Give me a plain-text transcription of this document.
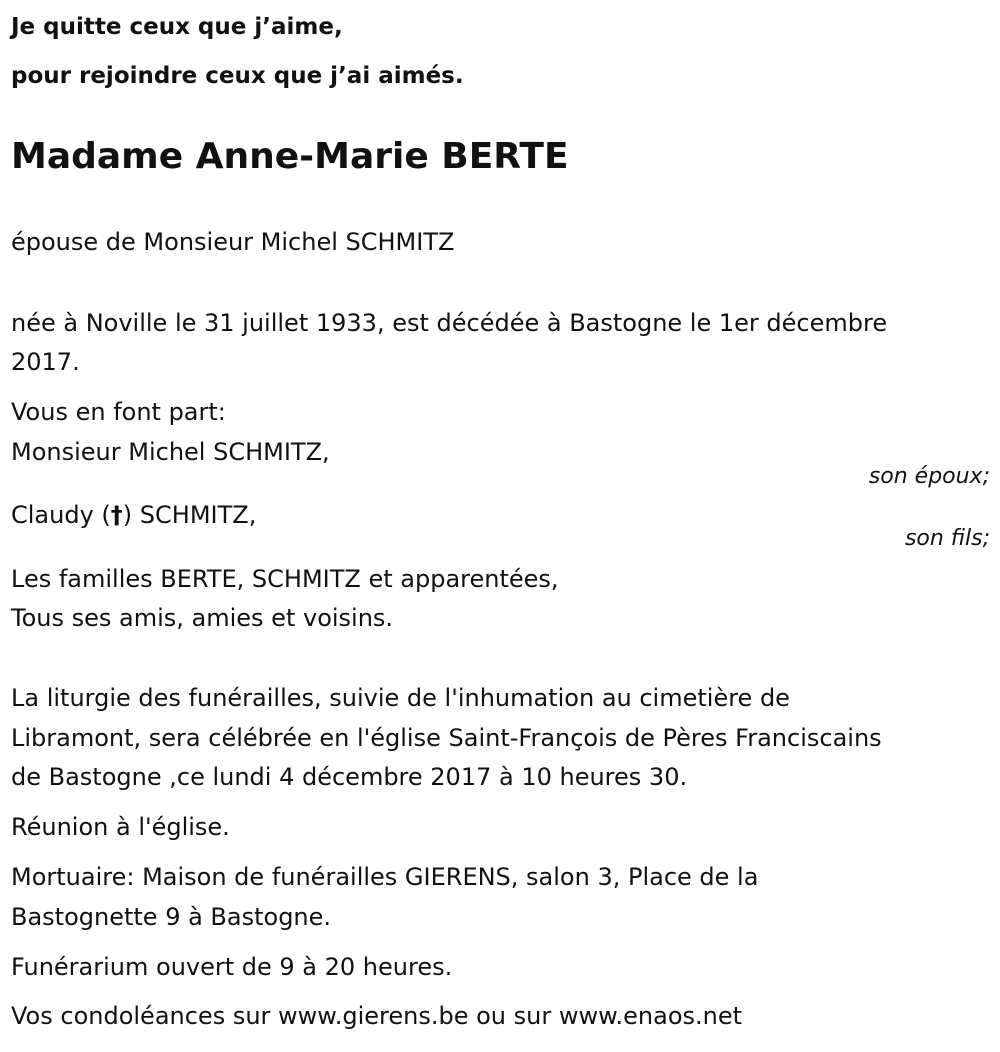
Je quitte ceux que j’aime,
pour rejoindre ceux que j’ai aimés.
Madame Anne-Marie BERTE
épouse de Monsieur Michel SCHMITZ
née à Noville le 31 juillet 1933, est décédée à Bastogne le 1er décembre
2017.
Vous en font part:
Monsieur Michel SCHMITZ,
son époux;
Claudy (†) SCHMITZ,
son fils;
Les familles BERTE, SCHMITZ et apparentées,
Tous ses amis, amies et voisins.
La liturgie des funérailles, suivie de l'inhumation au cimetière de
Libramont, sera célébrée en l'église Saint-François de Pères Franciscains
de Bastogne ,ce lundi 4 décembre 2017 à 10 heures 30.
Réunion à l'église.
Mortuaire: Maison de funérailles GIERENS, salon 3, Place de la
Bastognette 9 à Bastogne.
Funérarium ouvert de 9 à 20 heures.
Vos condoléances sur www.gierens.be ou sur www.enaos.net
